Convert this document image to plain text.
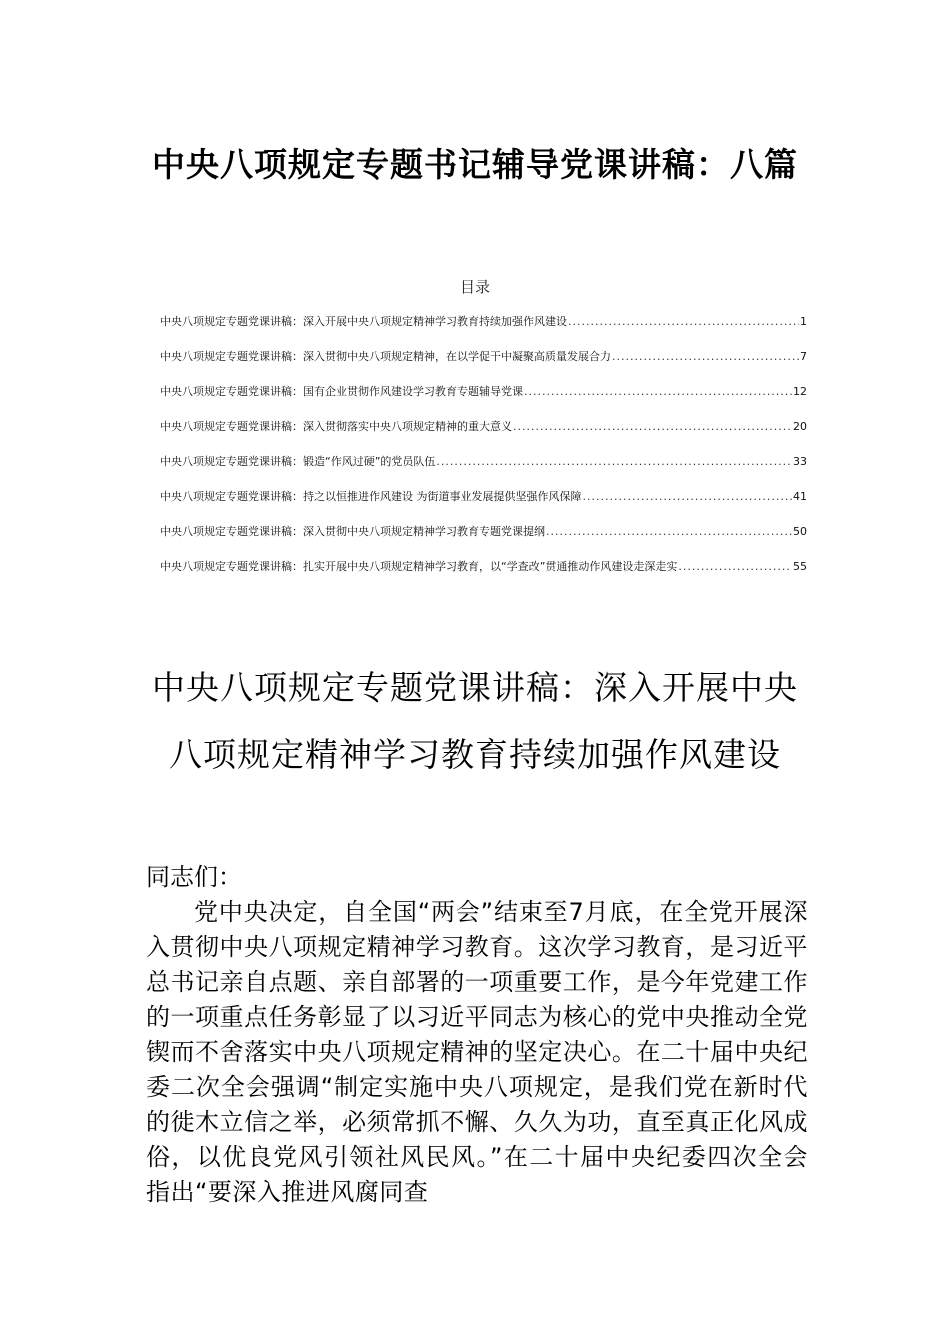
中央八项规定专题书记辅导党课讲稿：八篇
目录
中央八项规定专题党课讲稿：深入开展中央八项规定精神学习教育持续加强作风建设 .....	1
中央八项规定专题党课讲稿：深入贯彻中央八项规定精神，在以学促干中凝聚高质量发展合力 .....	7
中央八项规定专题党课讲稿：国有企业贯彻作风建设学习教育专题辅导党课 .....	12
中央八项规定专题党课讲稿：深入贯彻落实中央八项规定精神的重大意义 .....	20
中央八项规定专题党课讲稿：锻造“作风过硬”的党员队伍 .....	33
中央八项规定专题党课讲稿：持之以恒推进作风建设 为街道事业发展提供坚强作风保障 .....	41
中央八项规定专题党课讲稿：深入贯彻中央八项规定精神学习教育专题党课提纲 .....	50
中央八项规定专题党课讲稿：扎实开展中央八项规定精神学习教育，以“学查改”贯通推动作风建设走深走实 .....	55
中央八项规定专题党课讲稿：深入开展中央八项规定精神学习教育持续加强作风建设
同志们：

党中央决定，自全国“两会”结束至7月底，在全党开展深入贯彻中央八项规定精神学习教育。这次学习教育，是习近平总书记亲自点题、亲自部署的一项重要工作，是今年党建工作的一项重点任务彰显了以习近平同志为核心的党中央推动全党锲而不舍落实中央八项规定精神的坚定决心。在二十届中央纪委二次全会强调“制定实施中央八项规定，是我们党在新时代的徙木立信之举，必须常抓不懈、久久为功，直至真正化风成俗，以优良党风引领社风民风。”在二十届中央纪委四次全会指出“要深入推进风腐同查
